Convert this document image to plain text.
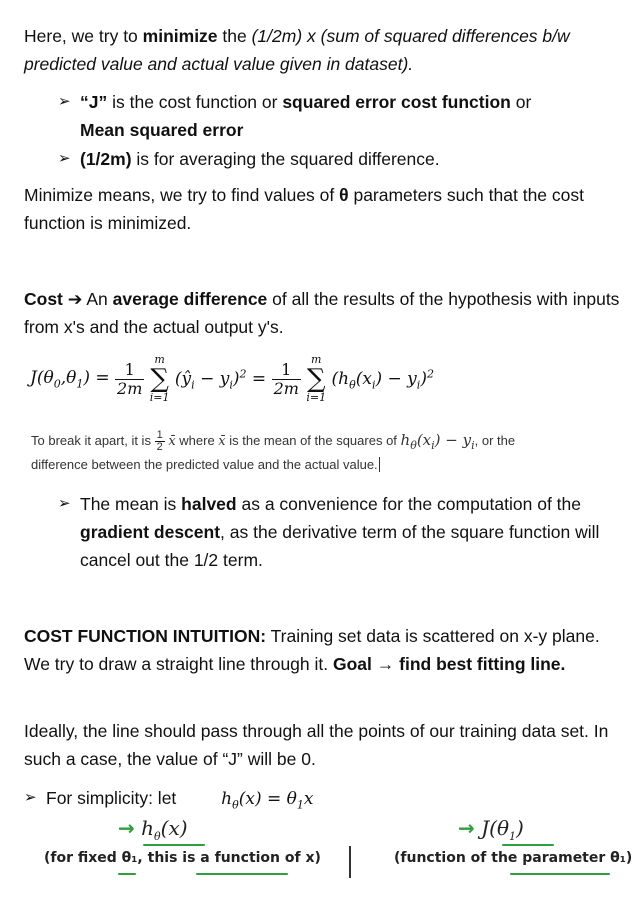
Here, we try to minimize the (1/2m) x (sum of squared differences b/w predicted value and actual value given in dataset).
➢ “J” is the cost function or squared error cost function or
Mean squared error
➢ (1/2m) is for averaging the squared difference.
Minimize means, we try to find values of θ parameters such that the cost function is minimized.
Cost ➔ An average difference of all the results of the hypothesis with inputs from x's and the actual output y's.
$J(\theta_0,\theta_1) = \frac{1}{2m}$

m
∑
i=1
$(ŷ_i - y_i)^2 = \frac{1}{2m}$

m
∑
i=1
$(h_\theta(x_i) - y_i)^2$
To break it apart, it is $\frac{1}{2}$ x̄ where x̄ is the mean of the squares of $h_\theta(x_i) - y_i$, or the
difference between the predicted value and the actual value.
➢ The mean is halved as a convenience for the computation of the gradient descent, as the derivative term of the square function will cancel out the 1/2 term.
COST FUNCTION INTUITION: Training set data is scattered on x-y plane. We try to draw a straight line through it. Goal → find best fitting line.
Ideally, the line should pass through all the points of our training data set. In such a case, the value of “J” will be 0.
➢ For simplicity: let	$h_\theta(x) = \theta_1x$
→ $h_\theta(x)$	→ $J(\theta_1)$
(for fixed θ₁, this is a function of x)	(function of the parameter θ₁)
